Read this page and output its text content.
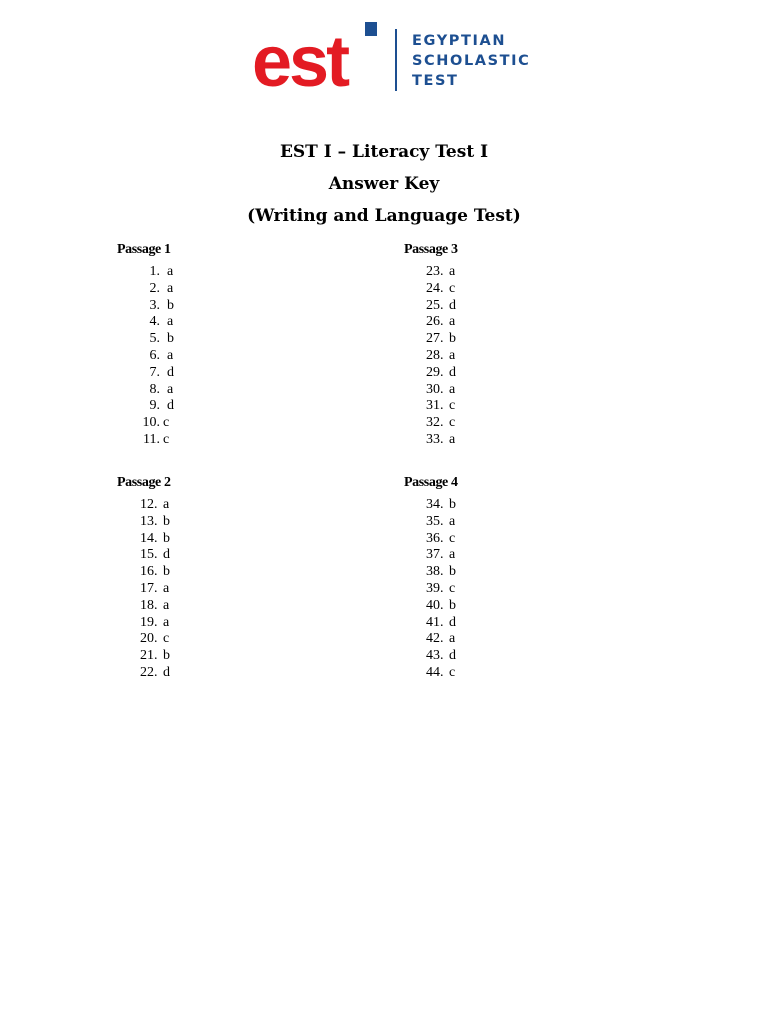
est	EGYPTIAN
SCHOLASTIC
TEST
EST I – Literacy Test I
Answer Key
(Writing and Language Test)
Passage 1
1. a
2. a
3. b
4. a
5. b
6. a
7. d
8. a
9. d
10. c
11. c
Passage 2
12. a
13. b
14. b
15. d
16. b
17. a
18. a
19. a
20. c
21. b
22. d
Passage 3
23. a
24. c
25. d
26. a
27. b
28. a
29. d
30. a
31. c
32. c
33. a
Passage 4
34. b
35. a
36. c
37. a
38. b
39. c
40. b
41. d
42. a
43. d
44. c
